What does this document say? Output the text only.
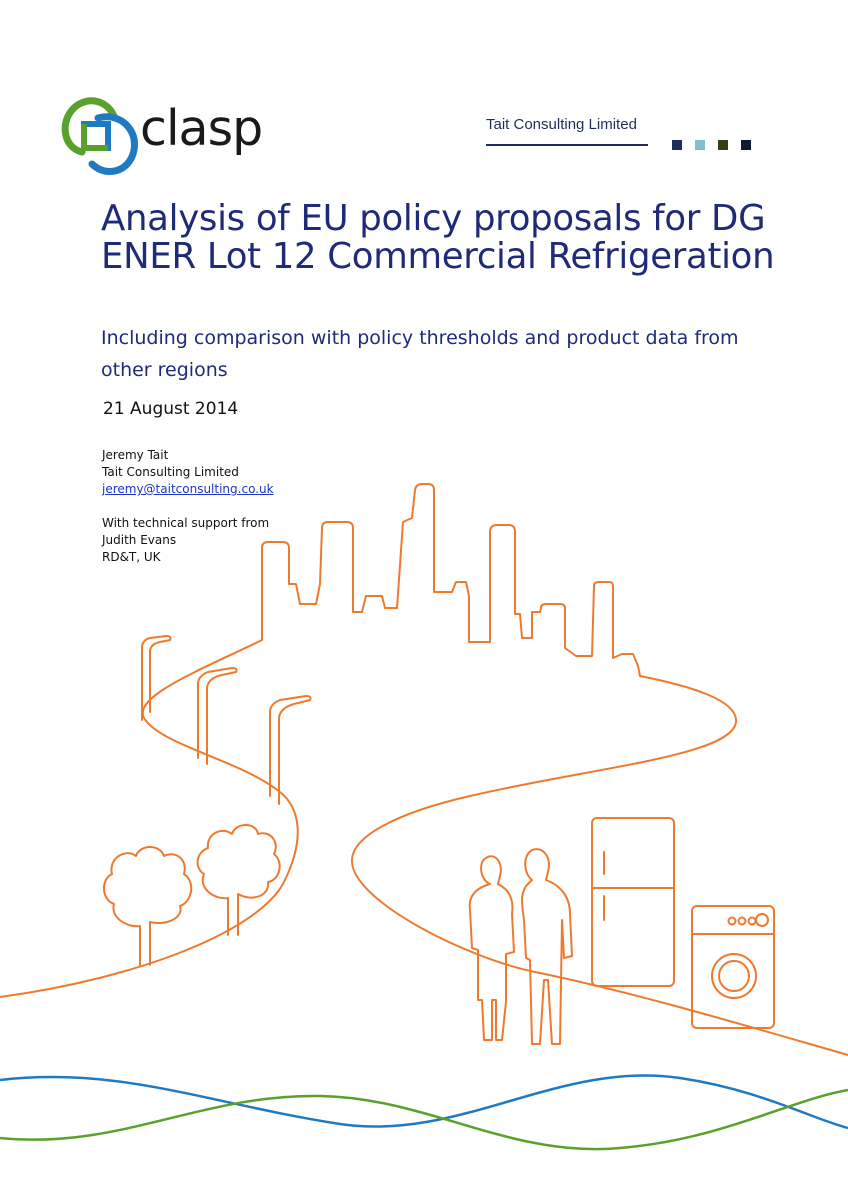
clasp	Tait Consulting Limited
Analysis of EU policy proposals for DG ENER Lot 12 Commercial Refrigeration

Including comparison with policy thresholds and product data from other regions

21 August 2014
Jeremy Tait
Tait Consulting Limited
jeremy@taitconsulting.co.uk
With technical support from
Judith Evans
RD&T, UK
